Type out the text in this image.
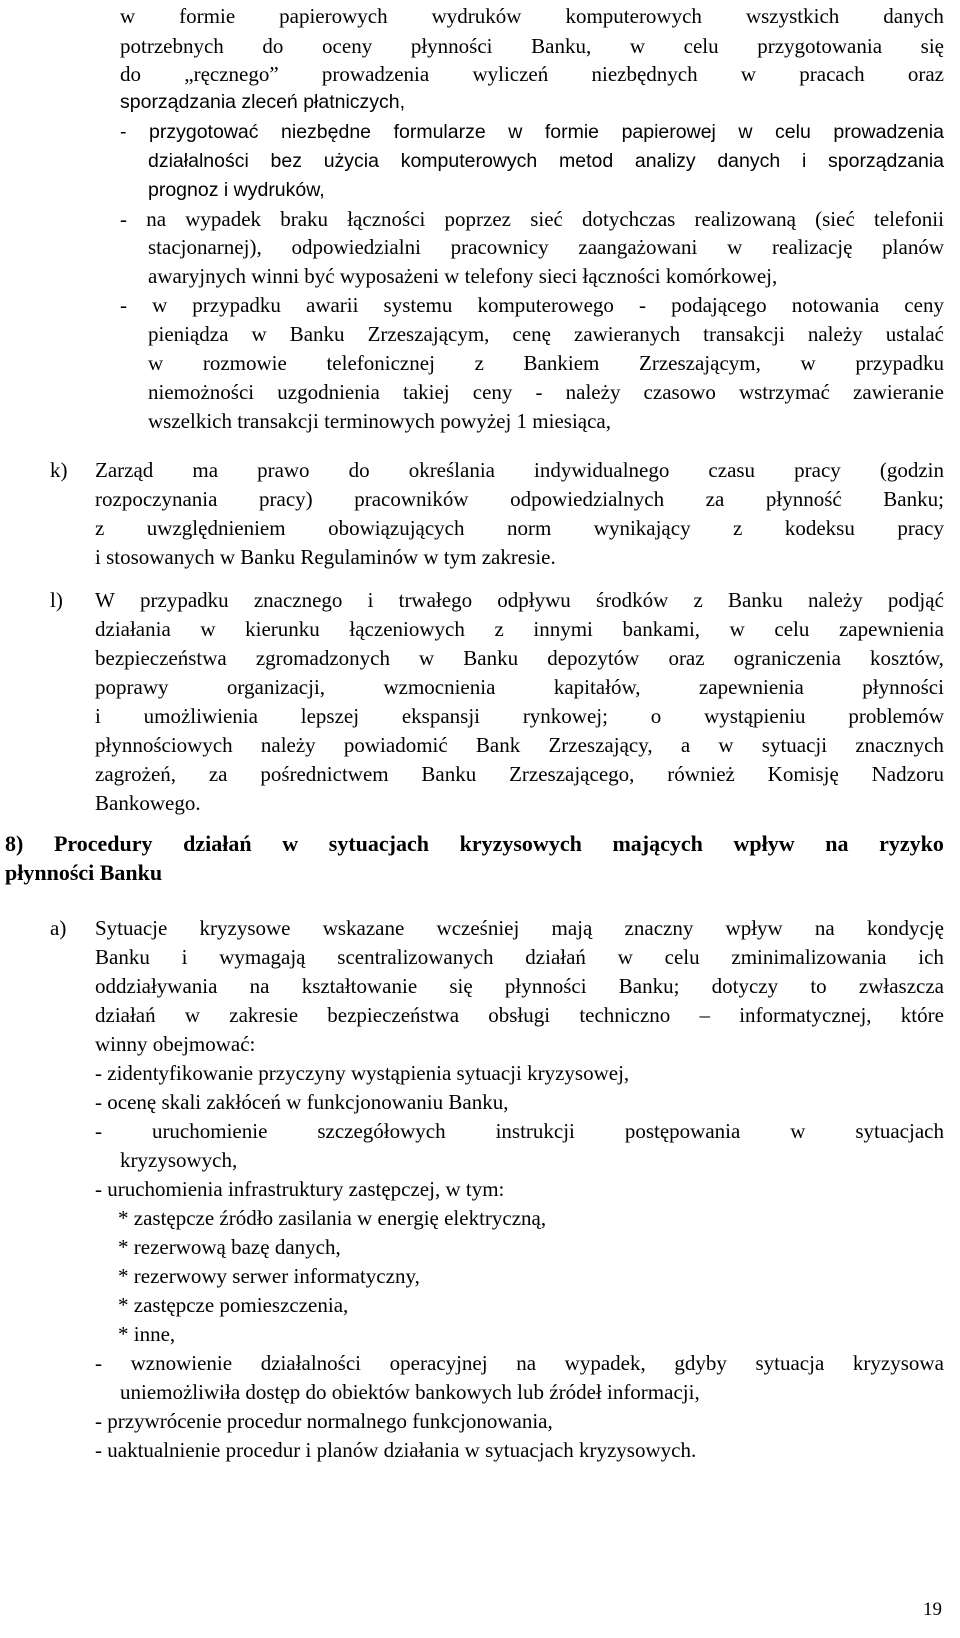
k)
l)
a)
w formie papierowych wydruków komputerowych wszystkich danych
potrzebnych do oceny płynności Banku, w celu przygotowania się
do „ręcznego” prowadzenia wyliczeń niezbędnych w pracach oraz
sporządzania zleceń płatniczych,
- przygotować niezbędne formularze w formie papierowej w celu prowadzenia
działalności bez użycia komputerowych metod analizy danych i sporządzania
prognoz i wydruków,
- na wypadek braku łączności poprzez sieć dotychczas realizowaną (sieć telefonii
stacjonarnej), odpowiedzialni pracownicy zaangażowani w realizację planów
awaryjnych winni być wyposażeni w telefony sieci łączności komórkowej,
- w przypadku awarii systemu komputerowego - podającego notowania ceny
pieniądza w Banku Zrzeszającym, cenę zawieranych transakcji należy ustalać
w rozmowie telefonicznej z Bankiem Zrzeszającym, w przypadku
niemożności uzgodnienia takiej ceny - należy czasowo wstrzymać zawieranie
wszelkich transakcji terminowych powyżej 1 miesiąca,
Zarząd ma prawo do określania indywidualnego czasu pracy (godzin
rozpoczynania pracy) pracowników odpowiedzialnych za płynność Banku;
z uwzględnieniem obowiązujących norm wynikający z kodeksu pracy
i stosowanych w Banku Regulaminów w tym zakresie.
W przypadku znacznego i trwałego odpływu środków z Banku należy podjąć
działania w kierunku łączeniowych z innymi bankami, w celu zapewnienia
bezpieczeństwa zgromadzonych w Banku depozytów oraz ograniczenia kosztów,
poprawy	organizacji,	wzmocnienia	kapitałów,	zapewnienia	płynności
i umożliwienia lepszej ekspansji rynkowej; o wystąpieniu problemów
płynnościowych należy powiadomić Bank Zrzeszający, a w sytuacji znacznych
zagrożeń, za pośrednictwem Banku Zrzeszającego, również Komisję Nadzoru
Bankowego.
8) Procedury działań w sytuacjach kryzysowych mających wpływ na ryzyko
płynności Banku
Sytuacje kryzysowe wskazane wcześniej mają znaczny wpływ na kondycję
Banku i wymagają scentralizowanych działań w celu zminimalizowania ich
oddziaływania na kształtowanie się płynności Banku; dotyczy to zwłaszcza
działań w zakresie bezpieczeństwa obsługi techniczno – informatycznej, które
winny obejmować:
- zidentyfikowanie przyczyny wystąpienia sytuacji kryzysowej,
- ocenę skali zakłóceń w funkcjonowaniu Banku,
- uruchomienie szczegółowych instrukcji postępowania w sytuacjach
kryzysowych,
- uruchomienia infrastruktury zastępczej, w tym:
* zastępcze źródło zasilania w energię elektryczną,
* rezerwową bazę danych,
* rezerwowy serwer informatyczny,
* zastępcze pomieszczenia,
* inne,
- wznowienie działalności operacyjnej na wypadek, gdyby sytuacja kryzysowa
uniemożliwiła dostęp do obiektów bankowych lub źródeł informacji,
- przywrócenie procedur normalnego funkcjonowania,
- uaktualnienie procedur i planów działania w sytuacjach kryzysowych.
19
